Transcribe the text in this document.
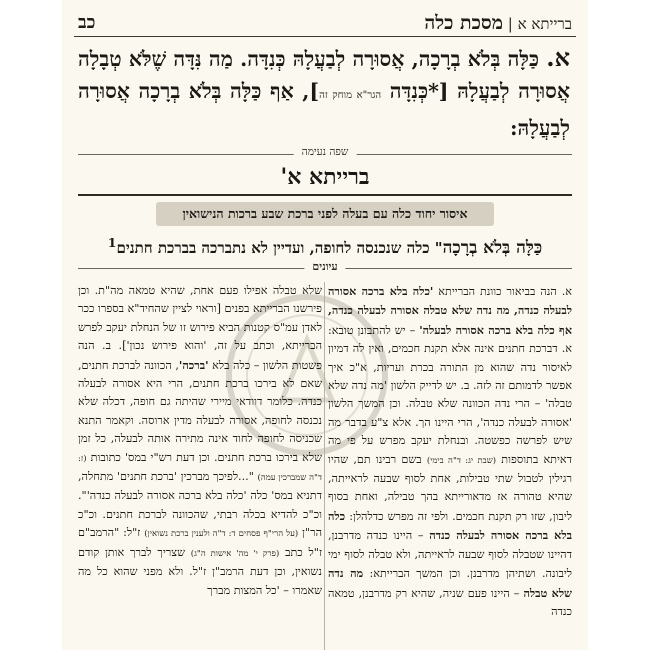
כב	ברייתא א | מסכת כלה
א. כַּלָּה בְּלֹא בְרָכָה, אֲסוּרָה לְבַעֲלָהּ כְּנִדָּה. מַה נִּדָּה שֶׁלֹּא טְבָלָה אֲסוּרָה לְבַעֲלָהּ [*כְּנִדָּה הגר"א מוחק זה], אַף כַּלָּה בְּלֹא בְרָכָה אֲסוּרָה לְבַעֲלָהּ:
שפה נעימה
ברייתא א'
איסור יחוד כלה עם בעלה לפני ברכת שבע ברכות הנישואין
כַּלָּה בְּלֹא בְרָכָה" כלה שנכנסה לחופה, ועדיין לא נתברכה בברכת חתנים$^1$
עיונים
א. הנה בביאור כוונת הברייתא 'כלה בלא ברכה אסורה לבעלה כנדה, מה נדה שלא טבלה אסורה לבעלה כנדה, אף כלה בלא ברכה אסורה לבעלה' – יש להתבונן טובא: א. דברכת חתנים אינה אלא תקנת חכמים, ואין לה דמיון לאיסור נדה שהוא מן התורה בכרת ועריות, א"כ איך אפשר לדמותם זה לזה. ב. יש לדייק הלשון 'מה נדה שלא טבלה' – הרי נדה הכוונה שלא טבלה. וכן המשך הלשון 'אסורה לבעלה כנדה', הרי היינו הך. אלא צ"ע בדבר מה שיש לפרשה כפשטה. ובנחלת יעקב מפרש על פי מה דאיתא בתוספות (שבת יג: ד"ה בימי) בשם רבינו תם, שהיו רגילין לטבול שתי טבילות, אחת לסוף שבעה לראייתה, שהיא טהורה אז מדאורייתא בהך טבילה, ואחת בסוף ליבון, שזו רק תקנת חכמים. ולפי זה מפרש כדלהלן: כלה בלא ברכה אסורה לבעלה כנדה – היינו כנדה מדרבנן, דהיינו שטבלה לסוף שבעה לראייתה, ולא טבלה לסוף ימי ליבונה. ושתיהן מדרבנן. וכן המשך הברייתא: מה נדה שלא טבלה – היינו פעם שניה, שהיא רק מדרבנן, טמאה כנדה
שלא טבלה אפילו פעם אחת, שהיא טמאה מה"ת. וכן פירשנו הברייתא בפנים [וראוי לציין שהחיד"א בספרו ככר לאדן עמ"ס קטנות הביא פירוש זו של הנחלת יעקב לפרש הברייתא, וכתב על זה, 'והוא פירוש נכון']. ב. הנה פשטות הלשון – כלה בלא 'ברכה', הכוונה לברכת חתנים, שאם לא בירכו ברכת חתנים, הרי היא אסורה לבעלה כנדה. כלומר דוודאי מיירי שהיתה גם חופה, דכלה שלא נכנסה לחופה, אסורה לבעלה מדין ארוסה. וקאמר התנא שכניסה לחופה לחוד אינה מתירה אותה לבעלה, כל זמן שלא בירכו ברכת חתנים. וכן דעת רש"י במס' כתובות (ז: ד"ה שמברכין עמה) "...לפיכך מברכין 'ברכת חתנים' מתחלה, דתניא במס' כלה 'כלה בלא ברכה אסורה לבעלה כנדה'". וכ"כ להדיא בכלה רבתי, שהכוונה לברכת חתנים. וכ"כ הר"ן (על הרי"ף פסחים ד: ד"ה ולענין ברכת נשואין) ז"ל: "הרמב"ם ז"ל כתב (פרק י' מה' אישות ה"ג) שצריך לברך אותן קודם נשואין, וכן דעת הרמב"ן ז"ל. ולא מפני שהוא כל מה שאמרו – 'כל המצות מברך
